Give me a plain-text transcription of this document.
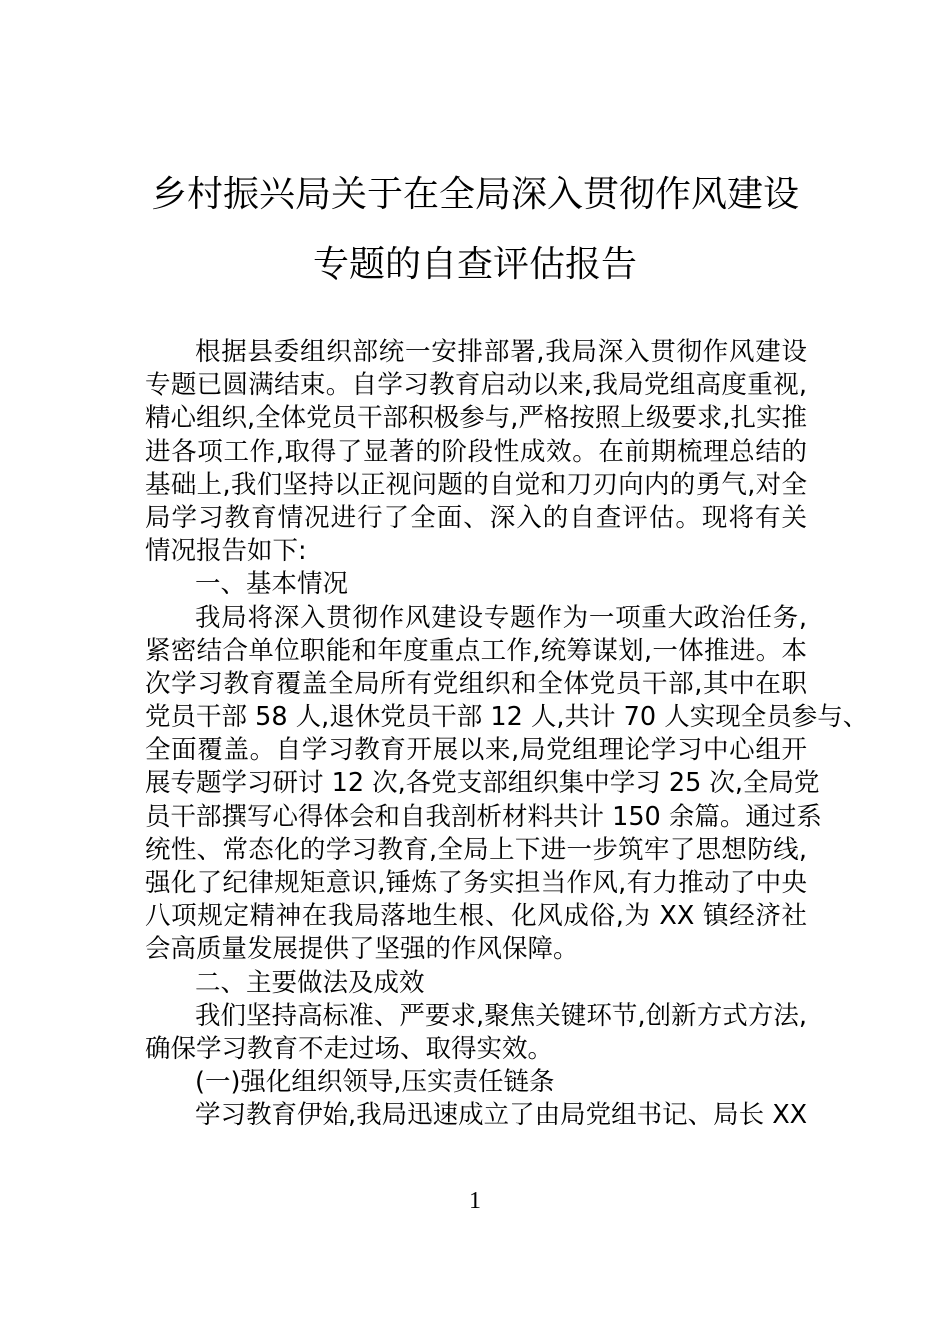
乡村振兴局关于在全局深入贯彻作风建设
专题的自查评估报告
根据县委组织部统一安排部署,我局深入贯彻作风建设
专题已圆满结束。自学习教育启动以来,我局党组高度重视,
精心组织,全体党员干部积极参与,严格按照上级要求,扎实推
进各项工作,取得了显著的阶段性成效。在前期梳理总结的
基础上,我们坚持以正视问题的自觉和刀刃向内的勇气,对全
局学习教育情况进行了全面、深入的自查评估。现将有关
情况报告如下:
一、基本情况
我局将深入贯彻作风建设专题作为一项重大政治任务,
紧密结合单位职能和年度重点工作,统筹谋划,一体推进。本
次学习教育覆盖全局所有党组织和全体党员干部,其中在职
党员干部 58 人,退休党员干部 12 人,共计 70 人实现全员参与、
全面覆盖。自学习教育开展以来,局党组理论学习中心组开
展专题学习研讨 12 次,各党支部组织集中学习 25 次,全局党
员干部撰写心得体会和自我剖析材料共计 150 余篇。通过系
统性、常态化的学习教育,全局上下进一步筑牢了思想防线,
强化了纪律规矩意识,锤炼了务实担当作风,有力推动了中央
八项规定精神在我局落地生根、化风成俗,为 XX 镇经济社
会高质量发展提供了坚强的作风保障。
二、主要做法及成效
我们坚持高标准、严要求,聚焦关键环节,创新方式方法,
确保学习教育不走过场、取得实效。
(一)强化组织领导,压实责任链条
学习教育伊始,我局迅速成立了由局党组书记、局长 XX
1
